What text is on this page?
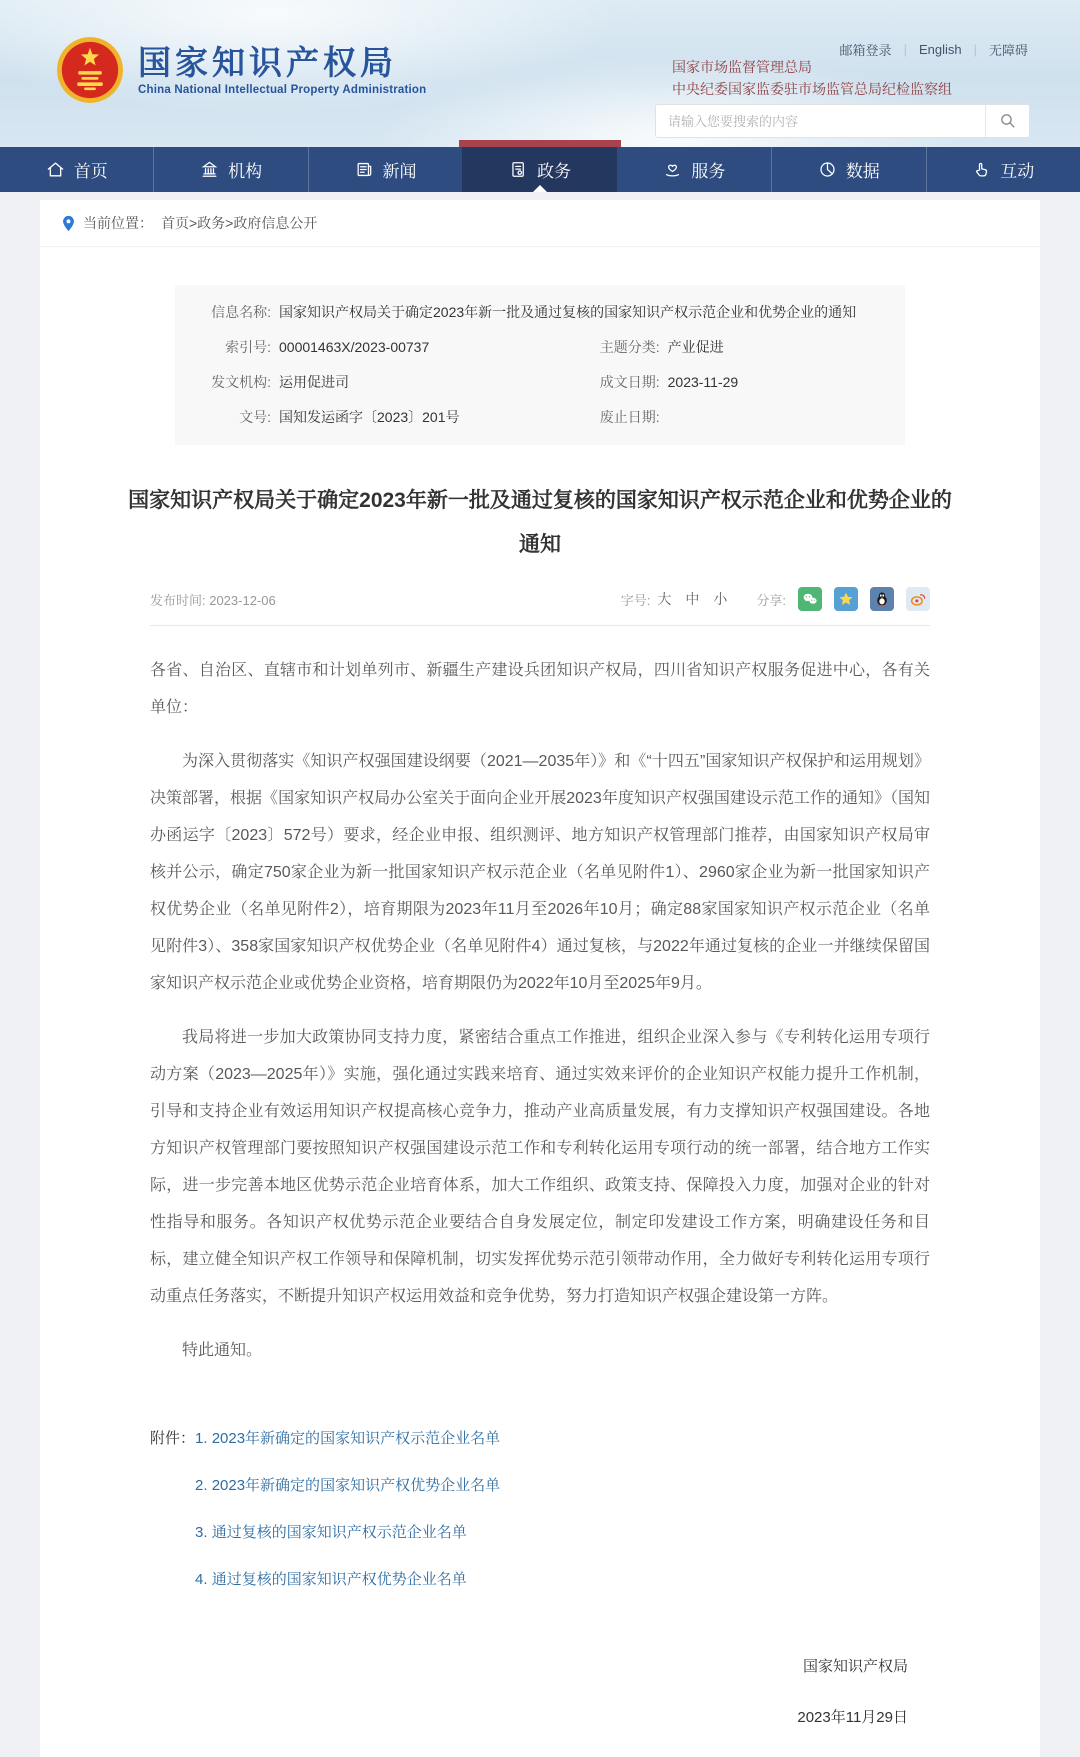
国家知识产权局
China National Intellectual Property Administration
邮箱登录 | English | 无障碍
国家市场监督管理总局
中央纪委国家监委驻市场监管总局纪检监察组
请输入您要搜索的内容
首页	机构	新闻	政务	服务	数据	互动
当前位置： 首页>政务>政府信息公开
信息名称: 国家知识产权局关于确定2023年新一批及通过复核的国家知识产权示范企业和优势企业的通知
索引号: 00001463X/2023-00737	主题分类: 产业促进
发文机构: 运用促进司	成文日期: 2023-11-29
文号: 国知发运函字〔2023〕201号	废止日期:
国家知识产权局关于确定2023年新一批及通过复核的国家知识产权示范企业和优势企业的通知
发布时间: 2023-12-06	字号: 大 中 小 分享:

各省、自治区、直辖市和计划单列市、新疆生产建设兵团知识产权局，四川省知识产权服务促进中心，各有关单位：

为深入贯彻落实《知识产权强国建设纲要（2021—2035年）》和《“十四五”国家知识产权保护和运用规划》决策部署，根据《国家知识产权局办公室关于面向企业开展2023年度知识产权强国建设示范工作的通知》（国知办函运字〔2023〕572号）要求，经企业申报、组织测评、地方知识产权管理部门推荐，由国家知识产权局审核并公示，确定750家企业为新一批国家知识产权示范企业（名单见附件1）、2960家企业为新一批国家知识产权优势企业（名单见附件2），培育期限为2023年11月至2026年10月；确定88家国家知识产权示范企业（名单见附件3）、358家国家知识产权优势企业（名单见附件4）通过复核，与2022年通过复核的企业一并继续保留国家知识产权示范企业或优势企业资格，培育期限仍为2022年10月至2025年9月。

我局将进一步加大政策协同支持力度，紧密结合重点工作推进，组织企业深入参与《专利转化运用专项行动方案（2023—2025年）》实施，强化通过实践来培育、通过实效来评价的企业知识产权能力提升工作机制，引导和支持企业有效运用知识产权提高核心竞争力，推动产业高质量发展，有力支撑知识产权强国建设。各地方知识产权管理部门要按照知识产权强国建设示范工作和专利转化运用专项行动的统一部署，结合地方工作实际，进一步完善本地区优势示范企业培育体系，加大工作组织、政策支持、保障投入力度，加强对企业的针对性指导和服务。各知识产权优势示范企业要结合自身发展定位，制定印发建设工作方案，明确建设任务和目标，建立健全知识产权工作领导和保障机制，切实发挥优势示范引领带动作用，全力做好专利转化运用专项行动重点任务落实，不断提升知识产权运用效益和竞争优势，努力打造知识产权强企建设第一方阵。

特此通知。

附件： 1. 2023年新确定的国家知识产权示范企业名单
2. 2023年新确定的国家知识产权优势企业名单
3. 通过复核的国家知识产权示范企业名单
4. 通过复核的国家知识产权优势企业名单
国家知识产权局
2023年11月29日
